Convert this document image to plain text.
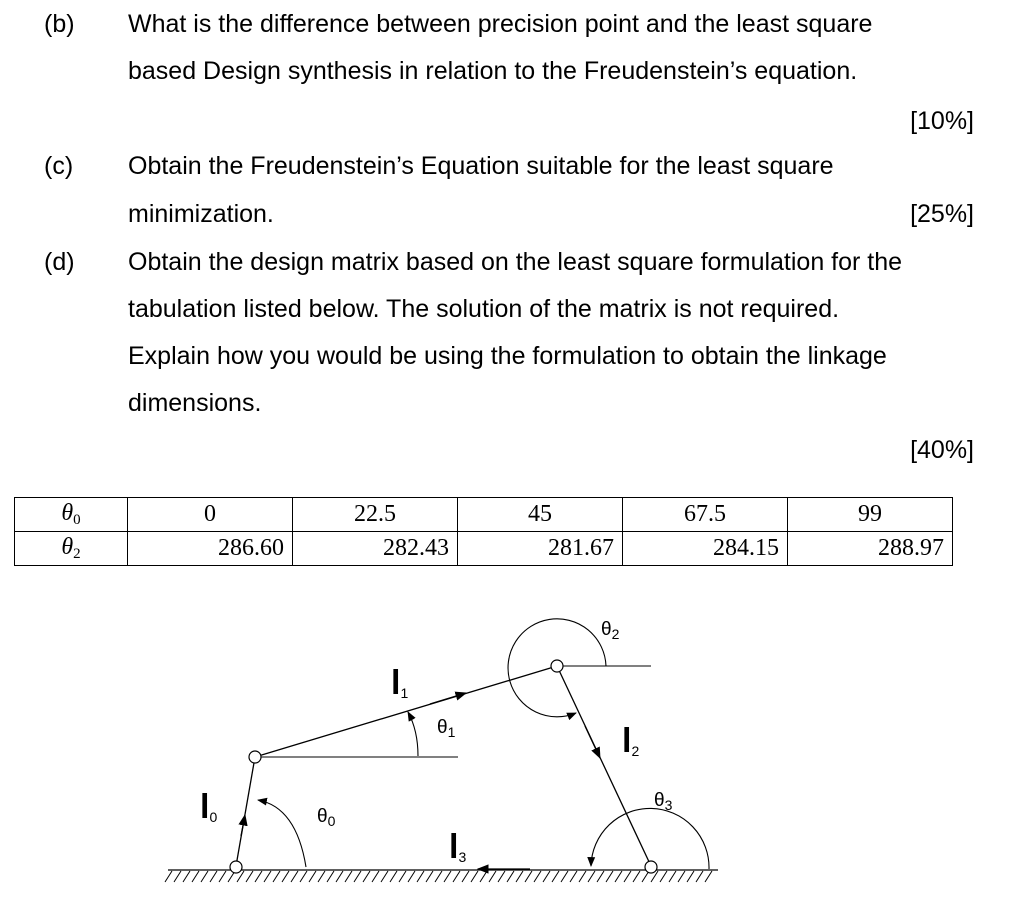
(b) What is the difference between precision point and the least square
based Design synthesis in relation to the Freudenstein’s equation.
[10%]
(c) Obtain the Freudenstein’s Equation suitable for the least square
minimization.	[25%]
(d) Obtain the design matrix based on the least square formulation for the
tabulation listed below. The solution of the matrix is not required.
Explain how you would be using the formulation to obtain the linkage
dimensions.
[40%]
$\theta_0$	0	22.5	45	67.5	99
$\theta_2$	286.60	282.43	281.67	284.15	288.97
l0
l1
l2
l3
$\theta_0$
$\theta_1$
$\theta_2$
$\theta_3$
